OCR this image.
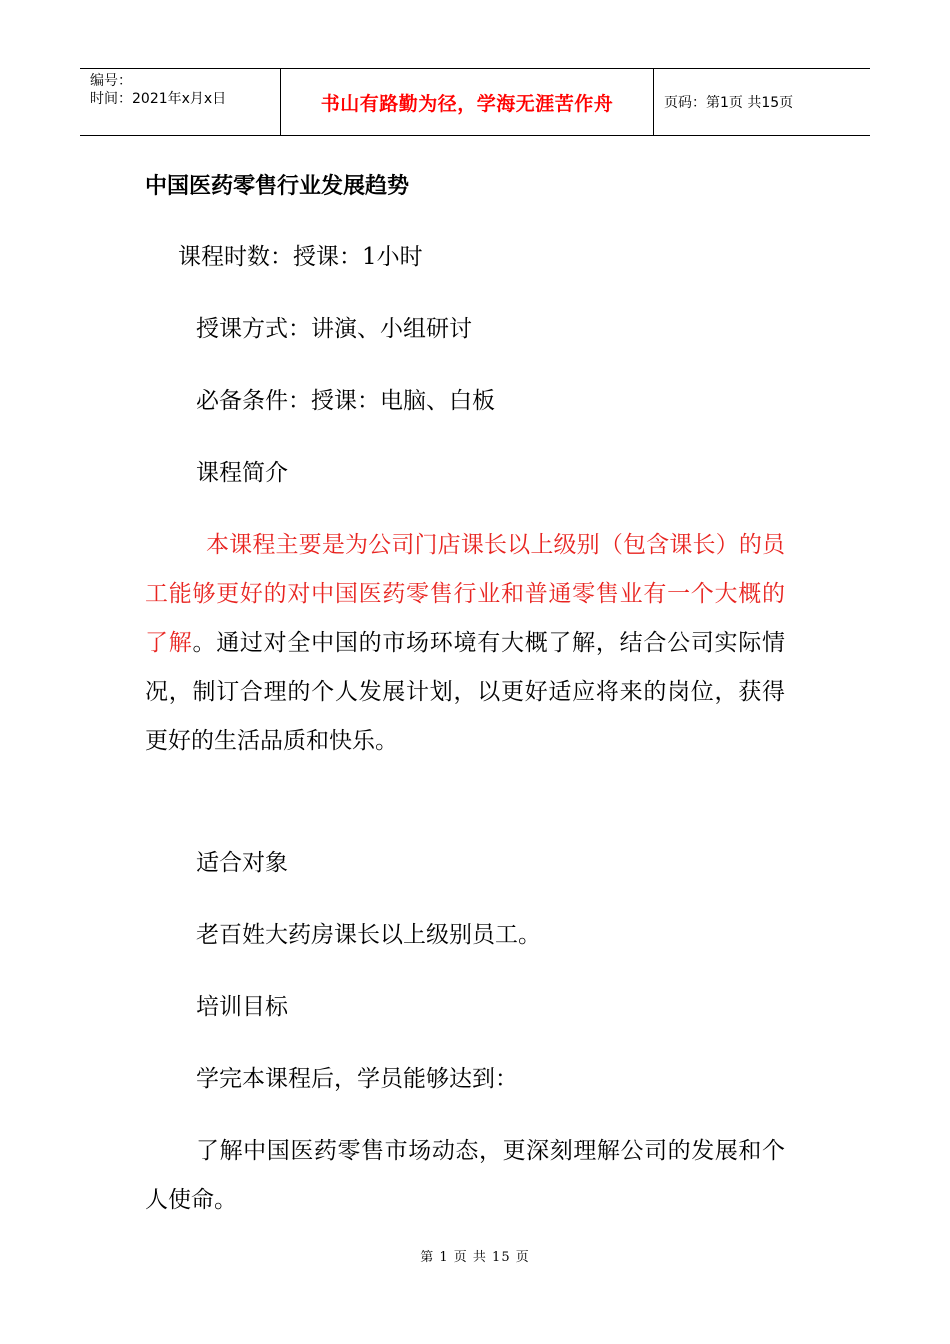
编号：
时间：2021年x月x日	书山有路勤为径，学海无涯苦作舟	页码：第1页 共15页
中国医药零售行业发展趋势
课程时数：授课：1小时
授课方式：讲演、小组研讨
必备条件：授课：电脑、白板
课程简介
本课程主要是为公司门店课长以上级别（包含课长）的员工能够更好的对中国医药零售行业和普通零售业有一个大概的了解。通过对全中国的市场环境有大概了解，结合公司实际情况，制订合理的个人发展计划，以更好适应将来的岗位，获得更好的生活品质和快乐。
适合对象
老百姓大药房课长以上级别员工。
培训目标
学完本课程后，学员能够达到：
了解中国医药零售市场动态，更深刻理解公司的发展和个人使命。
第 1 页 共 15 页
